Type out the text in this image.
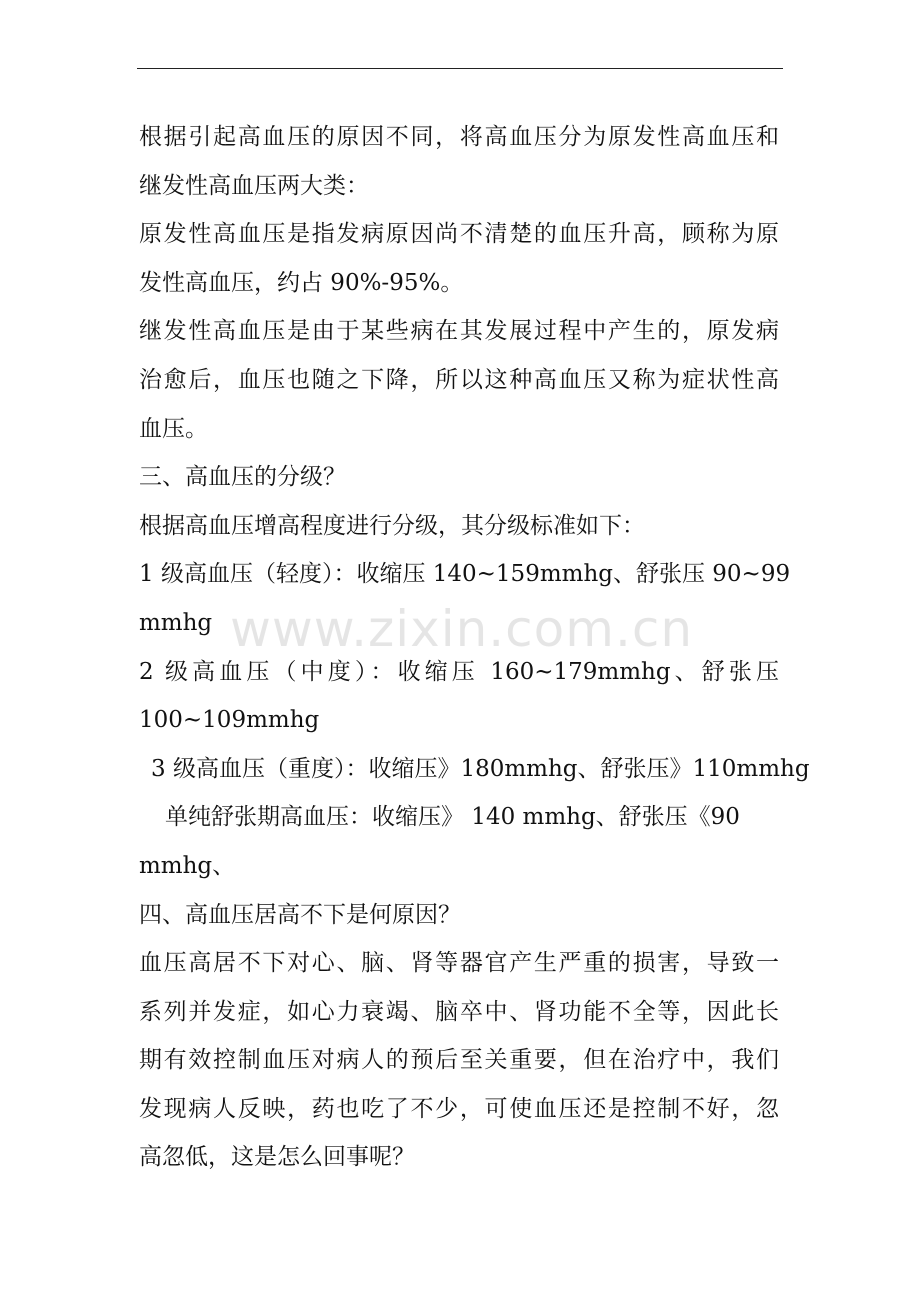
www.zixin.com.cn
根据引起高血压的原因不同，将高血压分为原发性高血压和
继发性高血压两大类：
原发性高血压是指发病原因尚不清楚的血压升高，顾称为原
发性高血压，约占 90%-95%。
继发性高血压是由于某些病在其发展过程中产生的，原发病
治愈后，血压也随之下降，所以这种高血压又称为症状性高
血压。
三、高血压的分级？
根据高血压增高程度进行分级，其分级标准如下：
1 级高血压（轻度）：收缩压 140~159mmhg、舒张压 90~99
mmhg
2 级高血压（中度）：收缩压 160~179mmhg、舒张压
100~109mmhg
3 级高血压（重度）：收缩压》180mmhg、舒张压》110mmhg
单纯舒张期高血压：收缩压》 140 mmhg、舒张压《90
mmhg、
四、高血压居高不下是何原因？
血压高居不下对心、脑、肾等器官产生严重的损害，导致一
系列并发症，如心力衰竭、脑卒中、肾功能不全等，因此长
期有效控制血压对病人的预后至关重要，但在治疗中，我们
发现病人反映，药也吃了不少，可使血压还是控制不好，忽
高忽低，这是怎么回事呢？
